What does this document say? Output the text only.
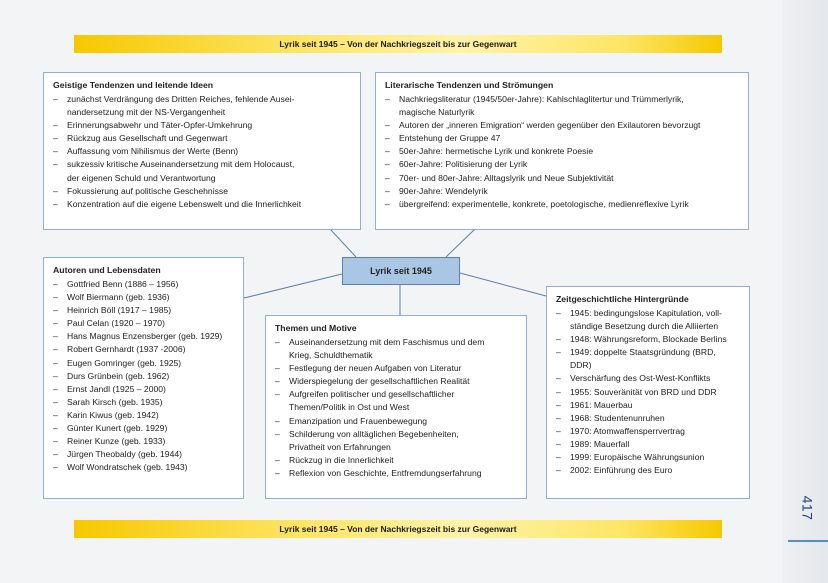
417
Lyrik seit 1945 – Von der Nachkriegszeit bis zur Gegenwart
Lyrik seit 1945 – Von der Nachkriegszeit bis zur Gegenwart
Geistige Tendenzen und leitende Ideen
– zunächst Verdrängung des Dritten Reiches, fehlende Ausei-
nandersetzung mit der NS-Vergangenheit
– Erinnerungsabwehr und Täter-Opfer-Umkehrung
– Rückzug aus Gesellschaft und Gegenwart
– Auffassung vom Nihilismus der Werte (Benn)
– sukzessiv kritische Auseinandersetzung mit dem Holocaust,
der eigenen Schuld und Verantwortung
– Fokussierung auf politische Geschehnisse
– Konzentration auf die eigene Lebenswelt und die Innerlichkeit
Literarische Tendenzen und Strömungen
– Nachkriegsliteratur (1945/50er-Jahre): Kahlschlaglitertur und Trümmerlyrik,
magische Naturlyrik
– Autoren der „inneren Emigration“ werden gegenüber den Exilautoren bevorzugt
– Entstehung der Gruppe 47
– 50er-Jahre: hermetische Lyrik und konkrete Poesie
– 60er-Jahre: Politisierung der Lyrik
– 70er- und 80er-Jahre: Alltagslyrik und Neue Subjektivität
– 90er-Jahre: Wendelyrik
– übergreifend: experimentelle, konkrete, poetologische, medienreflexive Lyrik
Lyrik seit 1945
Autoren und Lebensdaten
– Gottfried Benn (1886 – 1956)
– Wolf Biermann (geb. 1936)
– Heinrich Böll (1917 – 1985)
– Paul Celan (1920 – 1970)
– Hans Magnus Enzensberger (geb. 1929)
– Robert Gernhardt (1937 -2006)
– Eugen Gomringer (geb. 1925)
– Durs Grünbein (geb. 1962)
– Ernst Jandl (1925 – 2000)
– Sarah Kirsch (geb. 1935)
– Karin Kiwus (geb. 1942)
– Günter Kunert (geb. 1929)
– Reiner Kunze (geb. 1933)
– Jürgen Theobaldy (geb. 1944)
– Wolf Wondratschek (geb. 1943)
Themen und Motive
– Auseinandersetzung mit dem Faschismus und dem
Krieg, Schuldthematik
– Festlegung der neuen Aufgaben von Literatur
– Widerspiegelung der gesellschaftlichen Realität
– Aufgreifen politischer und gesellschaftlicher
Themen/Politik in Ost und West
– Emanzipation und Frauenbewegung
– Schilderung von alltäglichen Begebenheiten,
Privatheit von Erfahrungen
– Rückzug in die Innerlichkeit
– Reflexion von Geschichte, Entfremdungserfahrung
Zeitgeschichtliche Hintergründe
– 1945: bedingungslose Kapitulation, voll-
ständige Besetzung durch die Alliierten
– 1948: Währungsreform, Blockade Berlins
– 1949: doppelte Staatsgründung (BRD,
DDR)
– Verschärfung des Ost-West-Konflikts
– 1955: Souveränität von BRD und DDR
– 1961: Mauerbau
– 1968: Studentenunruhen
– 1970: Atomwaffensperrvertrag
– 1989: Mauerfall
– 1999: Europäische Währungsunion
– 2002: Einführung des Euro
